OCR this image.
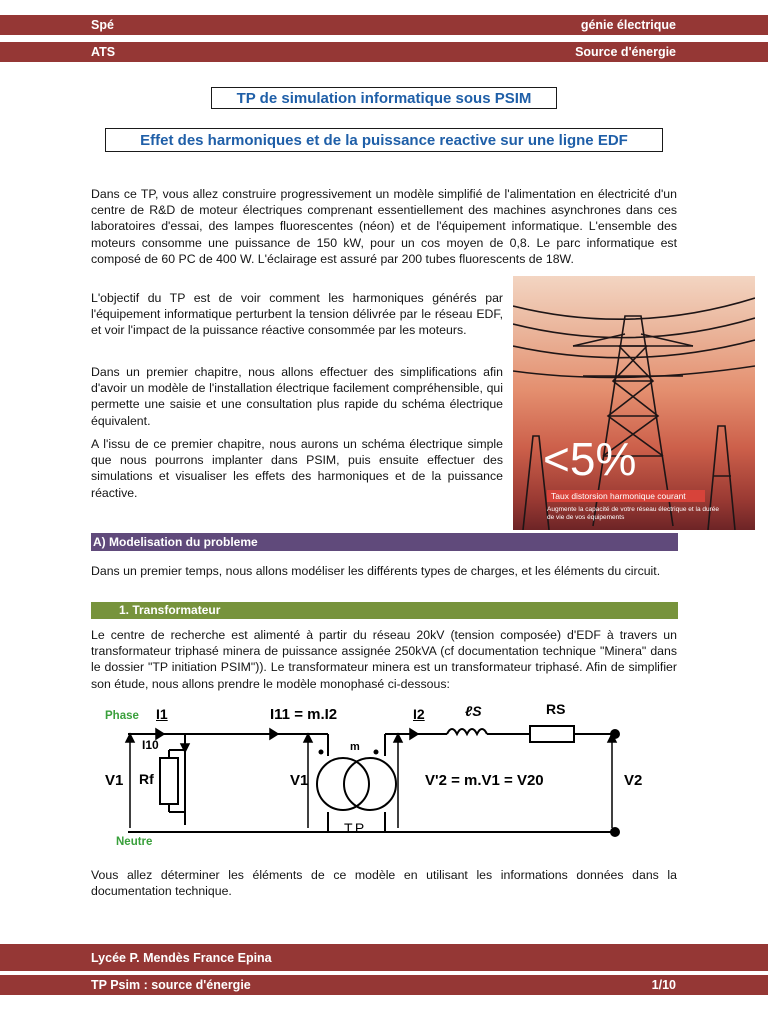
Spé	génie électrique
ATS	Source d'énergie
TP de simulation informatique sous PSIM
Effet des harmoniques et de la puissance reactive sur une ligne EDF

Dans ce TP, vous allez construire progressivement un modèle simplifié de l'alimentation en électricité d'un centre de R&D de moteur électriques comprenant essentiellement des machines asynchrones dans ces laboratoires d'essai, des lampes fluorescentes (néon) et de l'équipement informatique. L'ensemble des moteurs consomme une puissance de 150 kW, pour un cos moyen de 0,8. Le parc informatique est composé de 60 PC de 400 W. L'éclairage est assuré par 200 tubes fluorescents de 18W.

L'objectif du TP est de voir comment les harmoniques générés par l'équipement informatique perturbent la tension délivrée par le réseau EDF, et voir l'impact de la puissance réactive consommée par les moteurs.

Dans un premier chapitre, nous allons effectuer des simplifications afin d'avoir un modèle de l'installation électrique facilement compréhensible, qui permette une saisie et une consultation plus rapide du schéma électrique équivalent.

A l'issu de ce premier chapitre, nous aurons un schéma électrique simple que nous pourrons implanter dans PSIM, puis ensuite effectuer des simulations et visualiser les effets des harmoniques et de la puissance réactive.

<5%
Taux distorsion harmonique courant
Augmente la capacité de votre réseau électrique et la durée de vie de vos équipements
A) Modelisation du probleme

Dans un premier temps, nous allons modéliser les différents types de charges, et les éléments du circuit.

1. Transformateur

Le centre de recherche est alimenté à partir du réseau 20kV (tension composée) d'EDF à travers un transformateur triphasé minera de puissance assignée 250kVA (cf documentation technique "Minera" dans le dossier "TP initiation PSIM")). Le transformateur minera est un transformateur triphasé. Afin de simplifier son étude, nous allons prendre le modèle monophasé ci-dessous:

Phase
Neutre
I1	I11 = m.I2	I2	ℓS	RS
I10
V1 Rf
m
V1	V'2 = m.V1 = V20	V2
T.P

Vous allez déterminer les éléments de ce modèle en utilisant les informations données dans la documentation technique.

Lycée P. Mendès France Epina
TP Psim : source d'énergie	1/10
